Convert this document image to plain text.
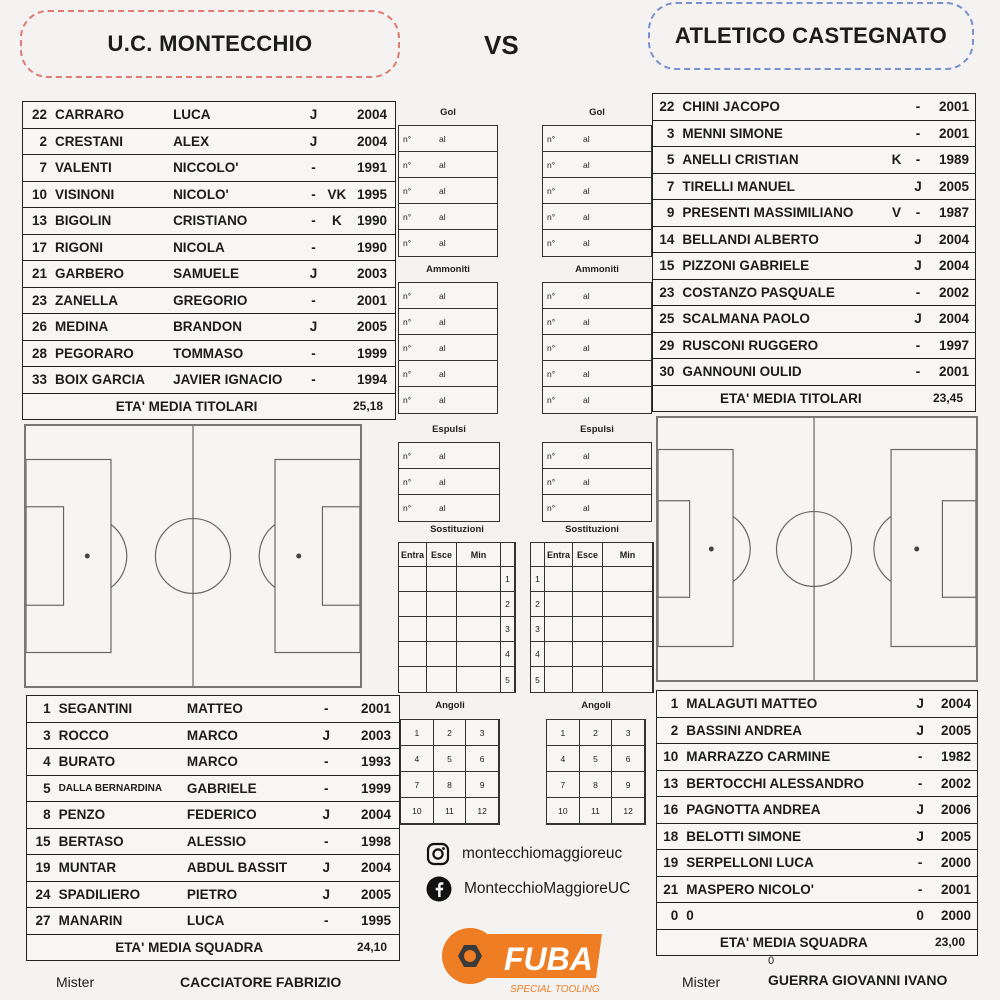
U.C. MONTECCHIO	VS	ATLETICO CASTEGNATO
22	CARRARO	LUCA	J		2004
2	CRESTANI	ALEX	J		2004
7	VALENTI	NICCOLO'	-		1991
10	VISINONI	NICOLO'	-	VK	1995
13	BIGOLIN	CRISTIANO	-	K	1990
17	RIGONI	NICOLA	-		1990
21	GARBERO	SAMUELE	J		2003
23	ZANELLA	GREGORIO	-		2001
26	MEDINA	BRANDON	J		2005
28	PEGORARO	TOMMASO	-		1999
33	BOIX GARCIA	JAVIER IGNACIO	-		1994
ETA' MEDIA TITOLARI					25,18
1	SEGANTINI	MATTEO	-		2001
3	ROCCO	MARCO	J		2003
4	BURATO	MARCO	-		1993
5	DALLA BERNARDINA	GABRIELE	-		1999
8	PENZO	FEDERICO	J		2004
15	BERTASO	ALESSIO	-		1998
19	MUNTAR	ABDUL BASSIT	J		2004
24	SPADILIERO	PIETRO	J		2005
27	MANARIN	LUCA	-		1995
ETA' MEDIA SQUADRA					24,10
22	CHINI JACOPO		-	2001
3	MENNI SIMONE		-	2001
5	ANELLI CRISTIAN	K	-	1989
7	TIRELLI MANUEL		J	2005
9	PRESENTI MASSIMILIANO	V	-	1987
14	BELLANDI ALBERTO		J	2004
15	PIZZONI GABRIELE		J	2004
23	COSTANZO PASQUALE		-	2002
25	SCALMANA PAOLO		J	2004
29	RUSCONI RUGGERO		-	1997
30	GANNOUNI OULID		-	2001
ETA' MEDIA TITOLARI				23,45
1	MALAGUTI MATTEO		J	2004
2	BASSINI ANDREA		J	2005
10	MARRAZZO CARMINE		-	1982
13	BERTOCCHI ALESSANDRO		-	2002
16	PAGNOTTA ANDREA		J	2006
18	BELOTTI SIMONE		J	2005
19	SERPELLONI LUCA		-	2000
21	MASPERO NICOLO'		-	2001
0	0		0	2000
ETA' MEDIA SQUADRA				23,00
Gol
n°	al
n°	al
n°	al
n°	al
n°	al
Ammoniti
n°	al
n°	al
n°	al
n°	al
n°	al
Espulsi
n°	al
n°	al
n°	al
Sostituzioni
Entra Esce	Min
1
2
3
4
5
Angoli
1	2	3
4	5	6
7	8	9
10	11	12
Gol
n°	al
n°	al
n°	al
n°	al
n°	al
Ammoniti
n°	al
n°	al
n°	al
n°	al
n°	al
Espulsi
n°	al
n°	al
n°	al
Sostituzioni
Entra Esce	Min
1
2
3
4
5
Angoli
1	2	3
4	5	6
7	8	9
10	11	12
montecchiomaggioreuc
MontecchioMaggioreUC
FUBA
SPECIAL TOOLING
Mister	CACCIATORE FABRIZIO	Mister
0
GUERRA GIOVANNI IVANO
